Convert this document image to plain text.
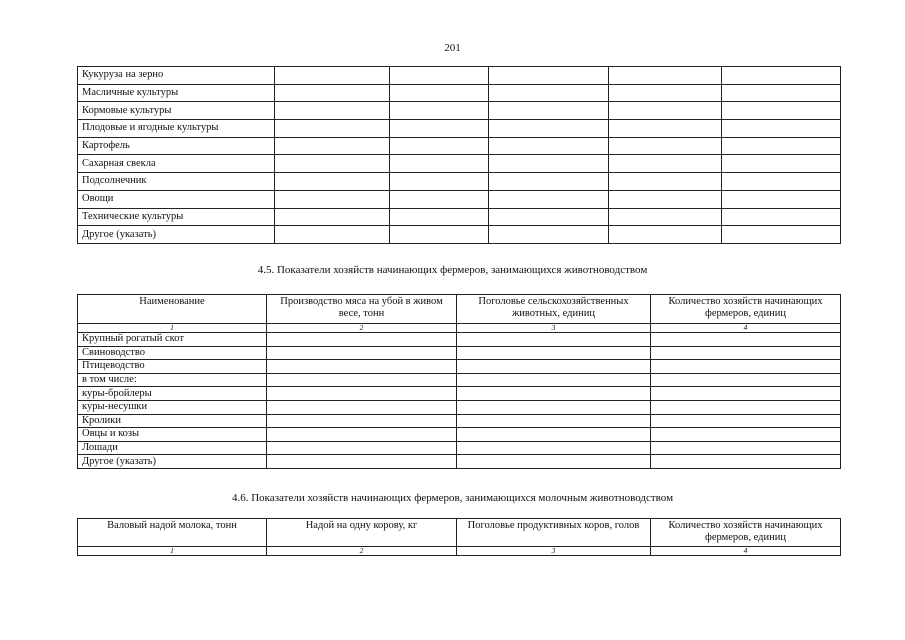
201
Кукуруза на зерно					
Масличные культуры					
Кормовые культуры					
Плодовые и ягодные культуры					
Картофель					
Сахарная свекла					
Подсолнечник					
Овощи					
Технические культуры					
Другое (указать)					
4.5. Показатели хозяйств начинающих фермеров, занимающихся животноводством
Наименование	Производство мяса на убой в живом весе, тонн	Поголовье сельскохозяйственных животных, единиц	Количество хозяйств начинающих фермеров, единиц
1	2	3	4
Крупный рогатый скот			
Свиноводство			
Птицеводство			
в том числе:			
куры-бройлеры			
куры-несушки			
Кролики			
Овцы и козы			
Лошади			
Другое (указать)			
4.6. Показатели хозяйств начинающих фермеров, занимающихся молочным животноводством
Валовый надой молока, тонн	Надой на одну корову, кг	Поголовье продуктивных коров, голов	Количество хозяйств начинающих фермеров, единиц
1	2	3	4
